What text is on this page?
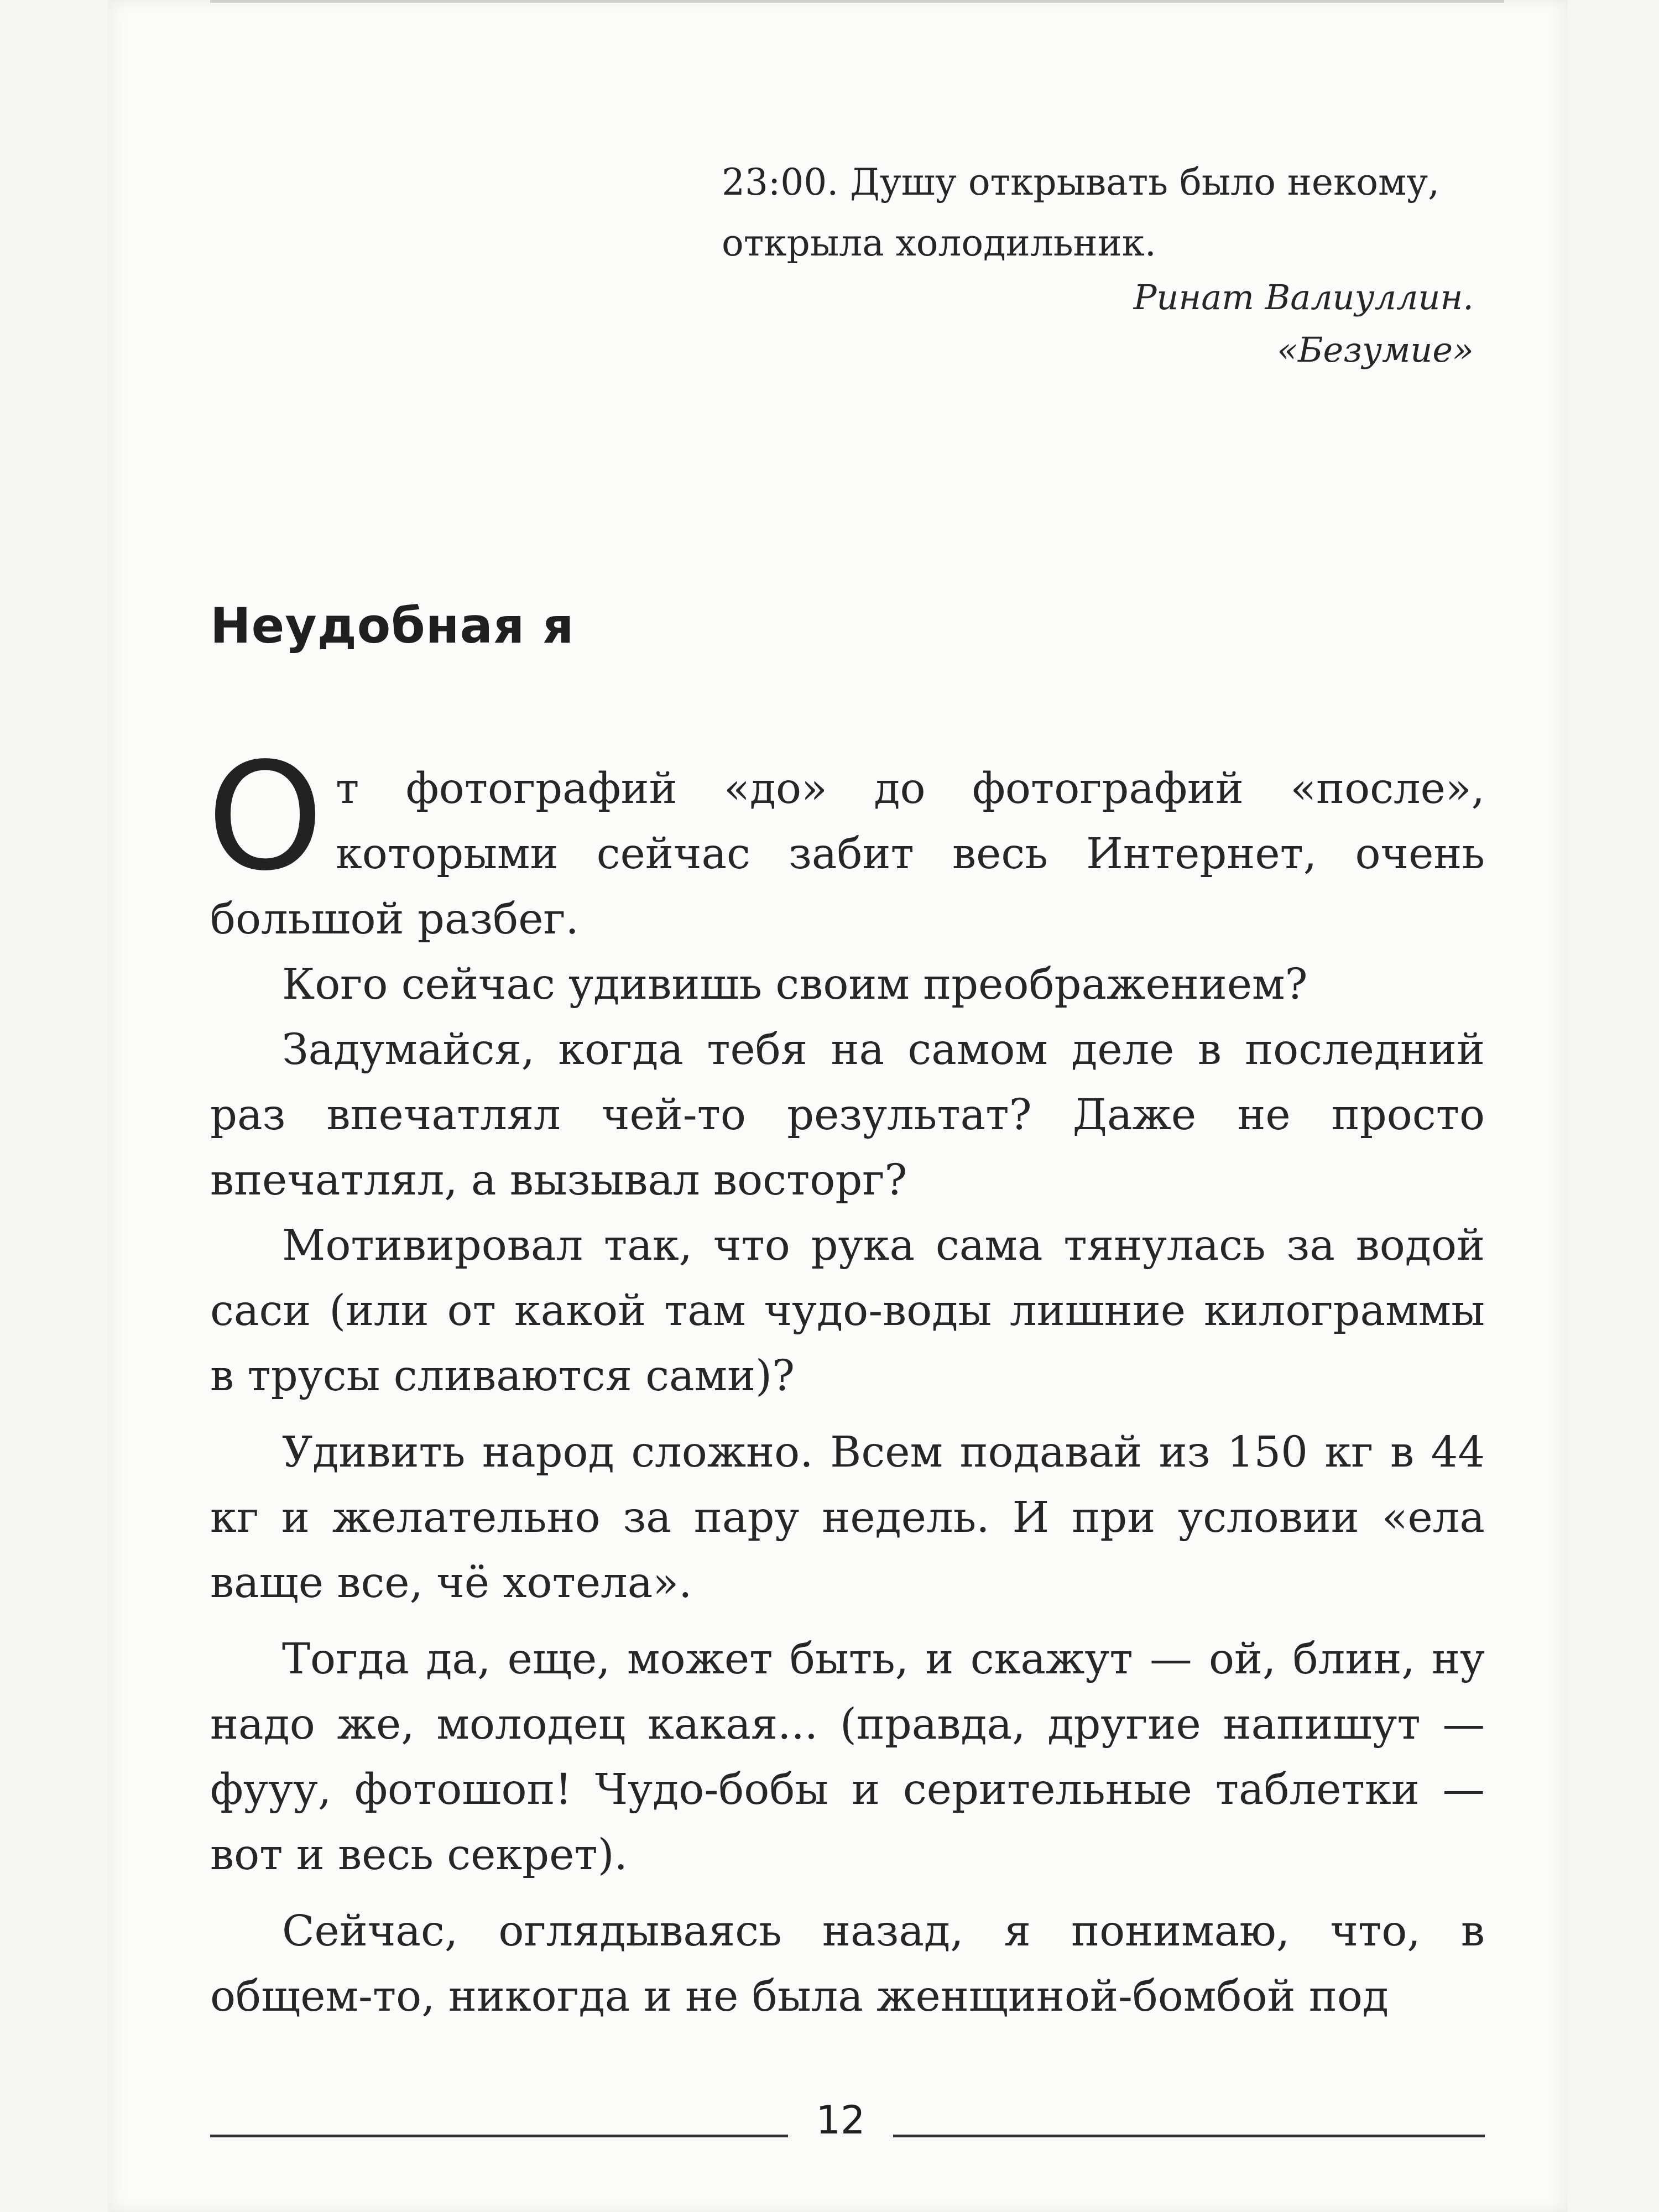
23:00. Душу открывать было некому,
открыла холодильник.
Ринат Валиуллин.
«Безумие»
Неудобная я

От фотографий «до» до фотографий «после», которыми сейчас забит весь Интернет, очень большой разбег.

Кого сейчас удивишь своим преображением?

Задумайся, когда тебя на самом деле в последний раз впечатлял чей-то результат? Даже не просто впечатлял, а вызывал восторг?

Мотивировал так, что рука сама тянулась за водой саси (или от какой там чудо-воды лишние килограммы в трусы сливаются сами)?

Удивить народ сложно. Всем подавай из 150 кг в 44 кг и желательно за пару недель. И при условии «ела ваще все, чё хотела».

Тогда да, еще, может быть, и скажут — ой, блин, ну надо же, молодец какая... (правда, другие напишут — фууу, фотошоп! Чудо-бобы и серительные таблетки — вот и весь секрет).

Сейчас, оглядываясь назад, я понимаю, что, в общем-то, никогда и не была женщиной-бомбой под

12
